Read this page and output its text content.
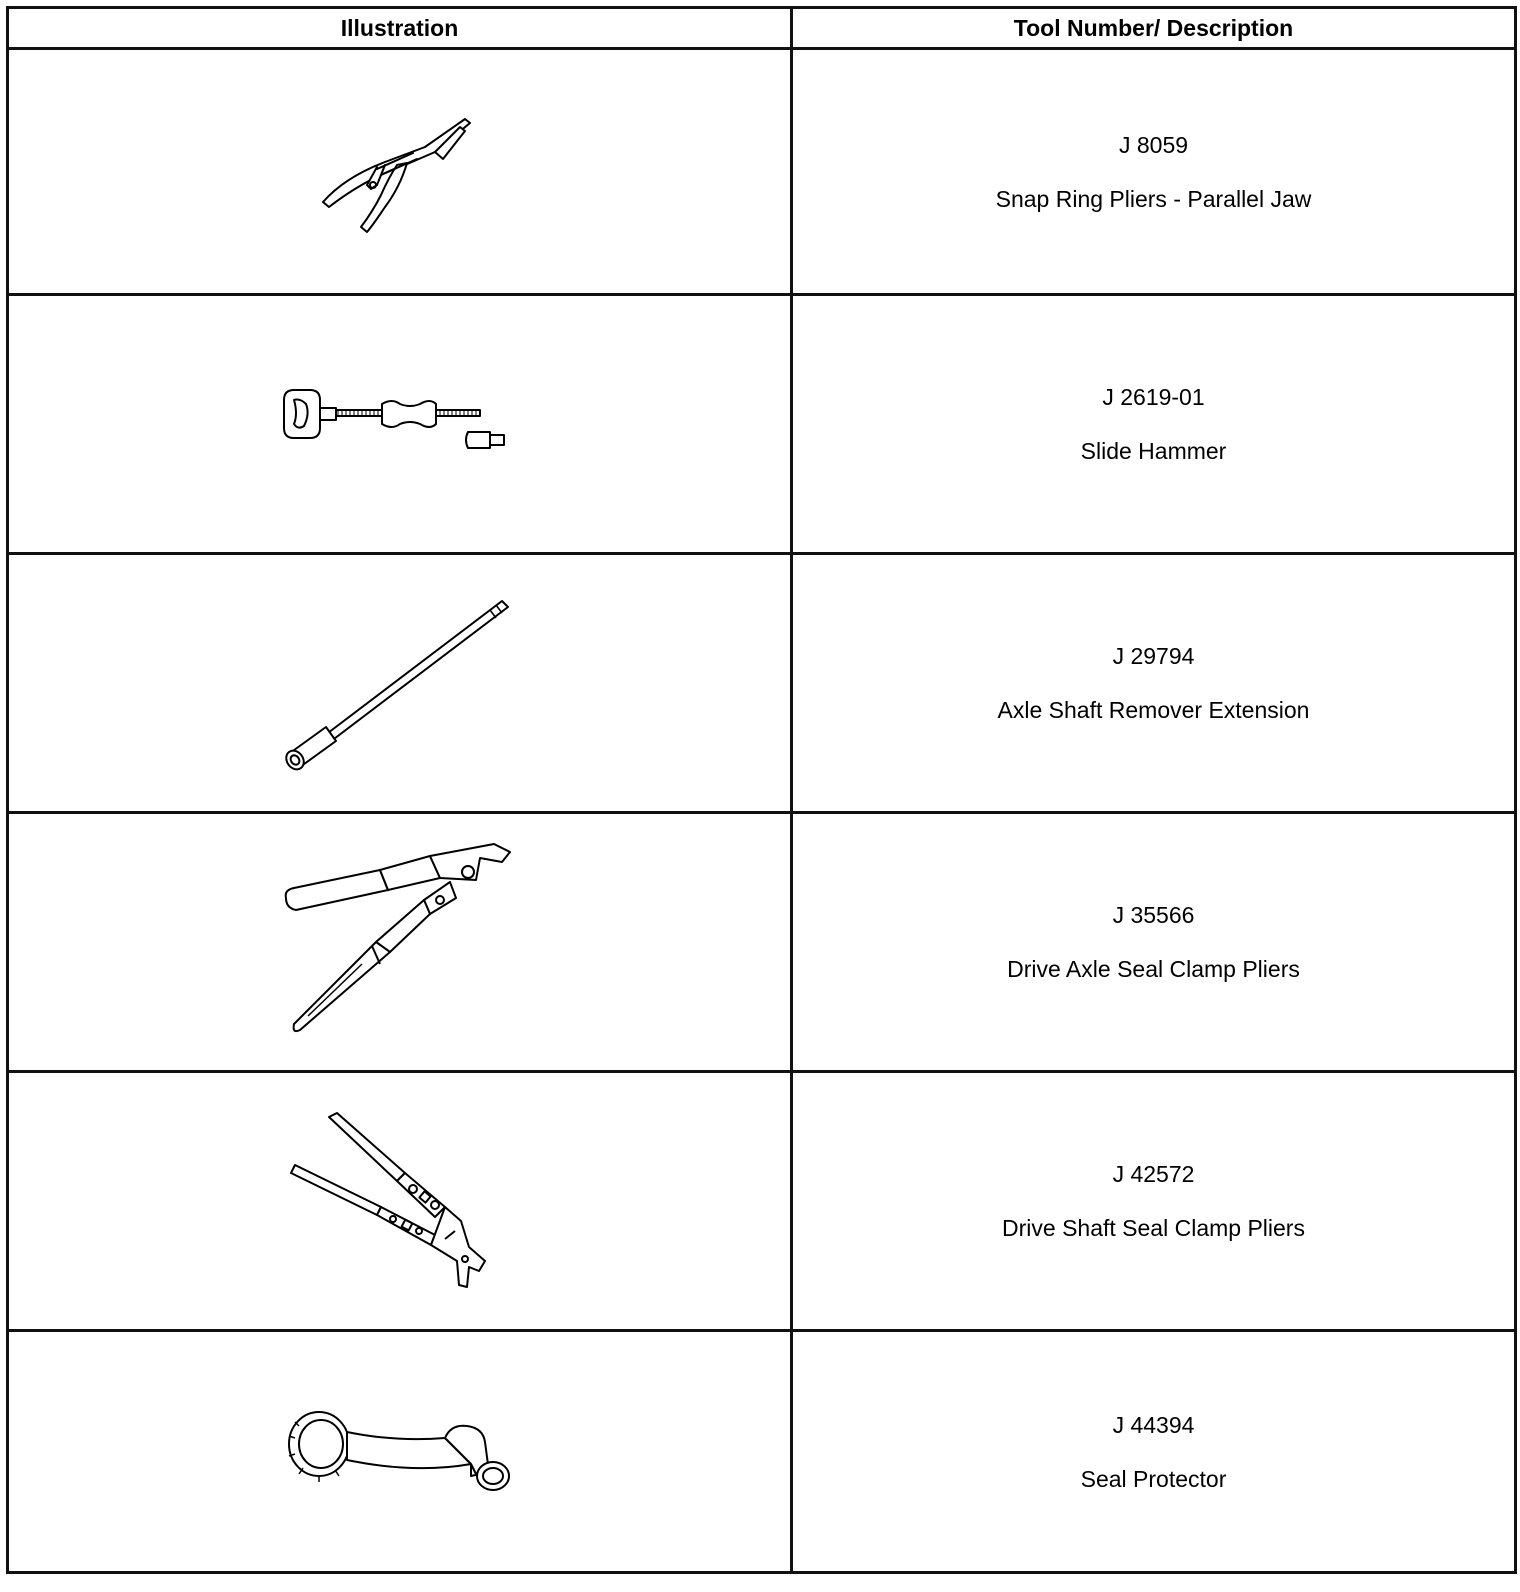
Illustration	Tool Number/ Description

J 8059
Snap Ring Pliers - Parallel Jaw

J 2619-01
Slide Hammer

J 29794
Axle Shaft Remover Extension

J 35566
Drive Axle Seal Clamp Pliers

J 42572
Drive Shaft Seal Clamp Pliers

J 44394
Seal Protector
